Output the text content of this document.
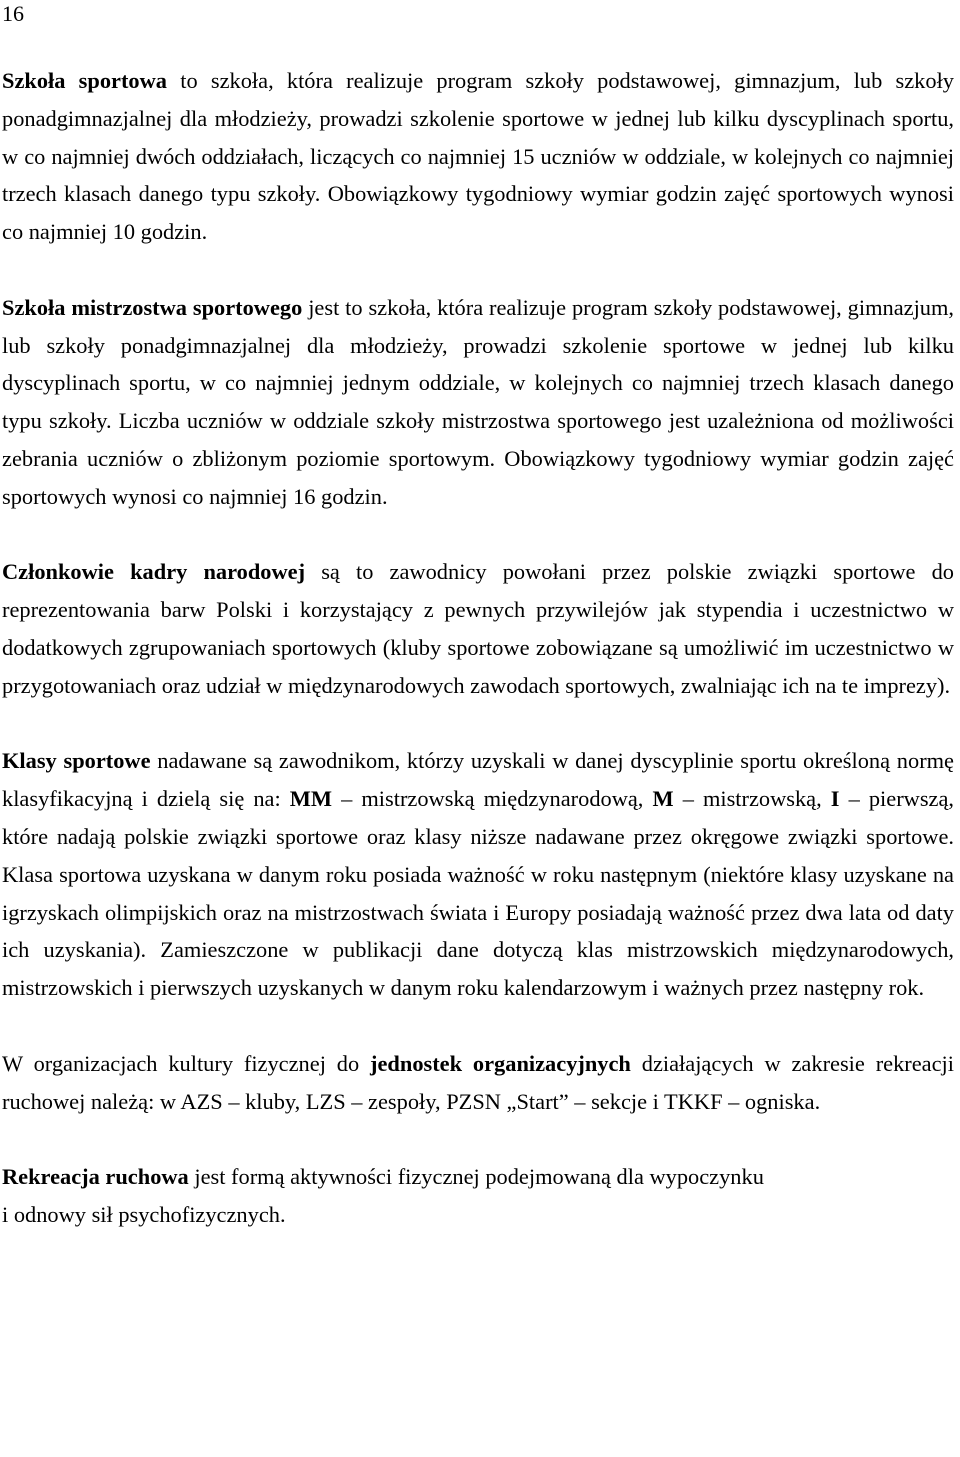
16

Szkoła sportowa to szkoła, która realizuje program szkoły podstawowej, gimnazjum, lub szkoły ponadgimnazjalnej dla młodzieży, prowadzi szkolenie sportowe w jednej lub kilku dyscyplinach sportu, w co najmniej dwóch oddziałach, liczących co najmniej 15 uczniów w oddziale, w kolejnych co najmniej trzech klasach danego typu szkoły. Obowiązkowy tygodniowy wymiar godzin zajęć sportowych wynosi co najmniej 10 godzin.

Szkoła mistrzostwa sportowego jest to szkoła, która realizuje program szkoły podstawowej, gimnazjum, lub szkoły ponadgimnazjalnej dla młodzieży, prowadzi szkolenie sportowe w jednej lub kilku dyscyplinach sportu, w co najmniej jednym oddziale, w kolejnych co najmniej trzech klasach danego typu szkoły. Liczba uczniów w oddziale szkoły mistrzostwa sportowego jest uzależniona od możliwości zebrania uczniów o zbliżonym poziomie sportowym. Obowiązkowy tygodniowy wymiar godzin zajęć sportowych wynosi co najmniej 16 godzin.

Członkowie kadry narodowej są to zawodnicy powołani przez polskie związki sportowe do reprezentowania barw Polski i korzystający z pewnych przywilejów jak stypendia i uczestnictwo w dodatkowych zgrupowaniach sportowych (kluby sportowe zobowiązane są umożliwić im uczestnictwo w przygotowaniach oraz udział w międzynarodowych zawodach sportowych, zwalniając ich na te imprezy).

Klasy sportowe nadawane są zawodnikom, którzy uzyskali w danej dyscyplinie sportu określoną normę klasyfikacyjną i dzielą się na: MM – mistrzowską międzynarodową, M – mistrzowską, I – pierwszą, które nadają polskie związki sportowe oraz klasy niższe nadawane przez okręgowe związki sportowe. Klasa sportowa uzyskana w danym roku posiada ważność w roku następnym (niektóre klasy uzyskane na igrzyskach olimpijskich oraz na mistrzostwach świata i Europy posiadają ważność przez dwa lata od daty ich uzyskania). Zamieszczone w publikacji dane dotyczą klas mistrzowskich międzynarodowych, mistrzowskich i pierwszych uzyskanych w danym roku kalendarzowym i ważnych przez następny rok.

W organizacjach kultury fizycznej do jednostek organizacyjnych działających w zakresie rekreacji ruchowej należą: w AZS – kluby, LZS – zespoły, PZSN „Start” – sekcje i TKKF – ogniska.

Rekreacja ruchowa jest formą aktywności fizycznej podejmowaną dla wypoczynku
i odnowy sił psychofizycznych.
